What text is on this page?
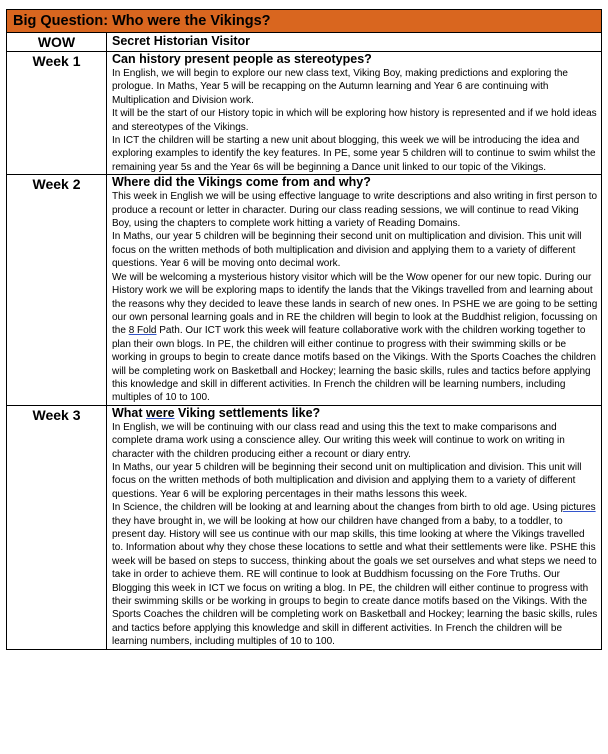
Big Question: Who were the Vikings?
WOW	Secret Historian Visitor

Week 1	Can history present people as stereotypes?

In English, we will begin to explore our new class text, Viking Boy, making predictions and exploring the prologue. In Maths, Year 5 will be recapping on the Autumn learning and Year 6 are continuing with Multiplication and Division work.

It will be the start of our History topic in which will be exploring how history is represented and if we hold ideas and stereotypes of the Vikings.

In ICT the children will be starting a new unit about blogging, this week we will be introducing the idea and exploring examples to identify the key features. In PE, some year 5 children will to continue to swim whilst the remaining year 5s and the Year 6s will be beginning a Dance unit linked to our topic of the Vikings.

Week 2	Where did the Vikings come from and why?

This week in English we will be using effective language to write descriptions and also writing in first person to produce a recount or letter in character. During our class reading sessions, we will continue to read Viking Boy, using the chapters to complete work hitting a variety of Reading Domains.

In Maths, our year 5 children will be beginning their second unit on multiplication and division. This unit will focus on the written methods of both multiplication and division and applying them to a variety of different questions. Year 6 will be moving onto decimal work.

We will be welcoming a mysterious history visitor which will be the Wow opener for our new topic. During our History work we will be exploring maps to identify the lands that the Vikings travelled from and learning about the reasons why they decided to leave these lands in search of new ones. In PSHE we are going to be setting our own personal learning goals and in RE the children will begin to look at the Buddhist religion, focussing on the 8 Fold Path. Our ICT work this week will feature collaborative work with the children working together to plan their own blogs. In PE, the children will either continue to progress with their swimming skills or be working in groups to begin to create dance motifs based on the Vikings. With the Sports Coaches the children will be completing work on Basketball and Hockey; learning the basic skills, rules and tactics before applying this knowledge and skill in different activities. In French the children will be learning numbers, including multiples of 10 to 100.

Week 3	What were Viking settlements like?

In English, we will be continuing with our class read and using this the text to make comparisons and complete drama work using a conscience alley. Our writing this week will continue to work on writing in character with the children producing either a recount or diary entry.

In Maths, our year 5 children will be beginning their second unit on multiplication and division. This unit will focus on the written methods of both multiplication and division and applying them to a variety of different questions. Year 6 will be exploring percentages in their maths lessons this week.

In Science, the children will be looking at and learning about the changes from birth to old age. Using pictures they have brought in, we will be looking at how our children have changed from a baby, to a toddler, to present day. History will see us continue with our map skills, this time looking at where the Vikings travelled to. Information about why they chose these locations to settle and what their settlements were like. PSHE this week will be based on steps to success, thinking about the goals we set ourselves and what steps we need to take in order to achieve them. RE will continue to look at Buddhism focussing on the Fore Truths. Our Blogging this week in ICT we focus on writing a blog. In PE, the children will either continue to progress with their swimming skills or be working in groups to begin to create dance motifs based on the Vikings. With the Sports Coaches the children will be completing work on Basketball and Hockey; learning the basic skills, rules and tactics before applying this knowledge and skill in different activities. In French the children will be learning numbers, including multiples of 10 to 100.
